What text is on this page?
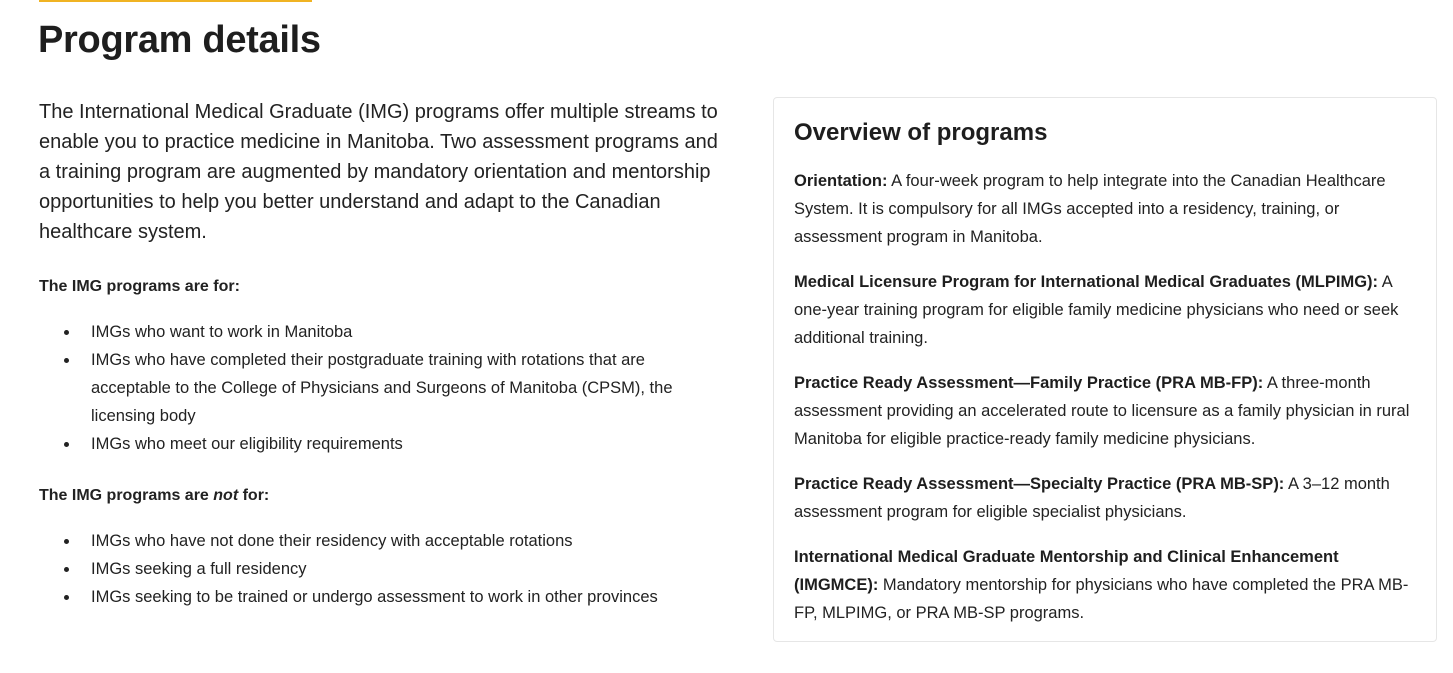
Program details

The International Medical Graduate (IMG) programs offer multiple streams to enable you to practice medicine in Manitoba. Two assessment programs and a training program are augmented by mandatory orientation and mentorship opportunities to help you better understand and adapt to the Canadian healthcare system.

The IMG programs are for:

IMGs who want to work in Manitoba
IMGs who have completed their postgraduate training with rotations that are acceptable to the College of Physicians and Surgeons of Manitoba (CPSM), the licensing body
IMGs who meet our eligibility requirements

The IMG programs are not for:

IMGs who have not done their residency with acceptable rotations
IMGs seeking a full residency
IMGs seeking to be trained or undergo assessment to work in other provinces
Overview of programs

Orientation: A four-week program to help integrate into the Canadian Healthcare System. It is compulsory for all IMGs accepted into a residency, training, or assessment program in Manitoba.

Medical Licensure Program for International Medical Graduates (MLPIMG): A one-year training program for eligible family medicine physicians who need or seek additional training.

Practice Ready Assessment—Family Practice (PRA MB-FP): A three-month assessment providing an accelerated route to licensure as a family physician in rural Manitoba for eligible practice-ready family medicine physicians.

Practice Ready Assessment—Specialty Practice (PRA MB-SP): A 3–12 month assessment program for eligible specialist physicians.

International Medical Graduate Mentorship and Clinical Enhancement (IMGMCE): Mandatory mentorship for physicians who have completed the PRA MB-FP, MLPIMG, or PRA MB-SP programs.
